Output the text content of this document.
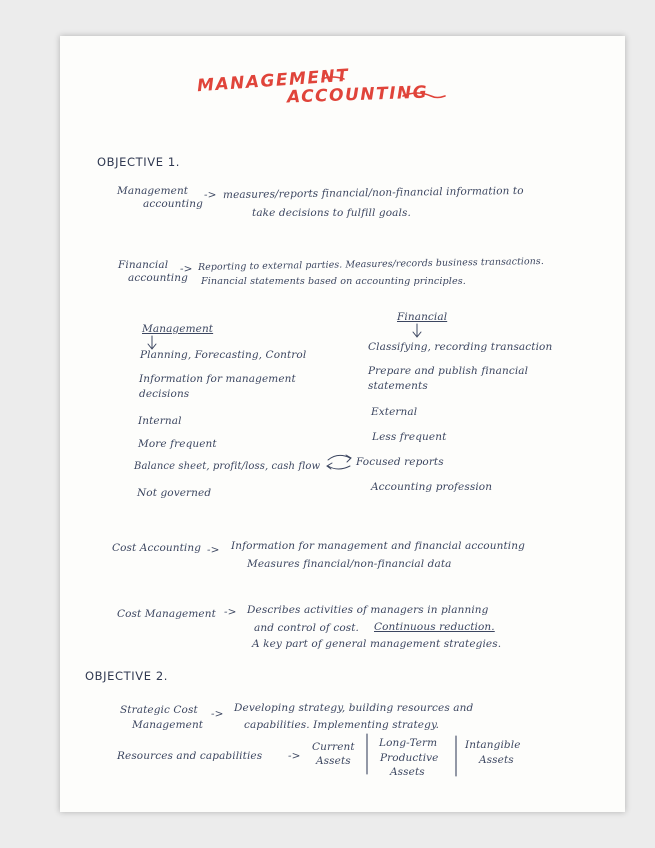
MANAGEMENT
ACCOUNTING
OBJECTIVE 1.
Management
accounting
-> measures/reports financial/non-financial information to
take decisions to fulfill goals.
Financial
accounting
-> Reporting to external parties. Measures/records business transactions.
Financial statements based on accounting principles.
Management
Financial
Planning, Forecasting, Control
Information for management
decisions
Internal
More frequent
Balance sheet, profit/loss, cash flow
Not governed
Classifying, recording transaction
Prepare and publish financial
statements
External
Less frequent
Focused reports
Accounting profession
Cost Accounting -> Information for management and financial accounting
Measures financial/non-financial data
Cost Management -> Describes activities of managers in planning
and control of cost. Continuous reduction.
A key part of general management strategies.
OBJECTIVE 2.
Strategic Cost
Management
-> Developing strategy, building resources and
capabilities. Implementing strategy.
Resources and capabilities ->
Current
Assets
Long-Term
Productive
Assets
Intangible
Assets
